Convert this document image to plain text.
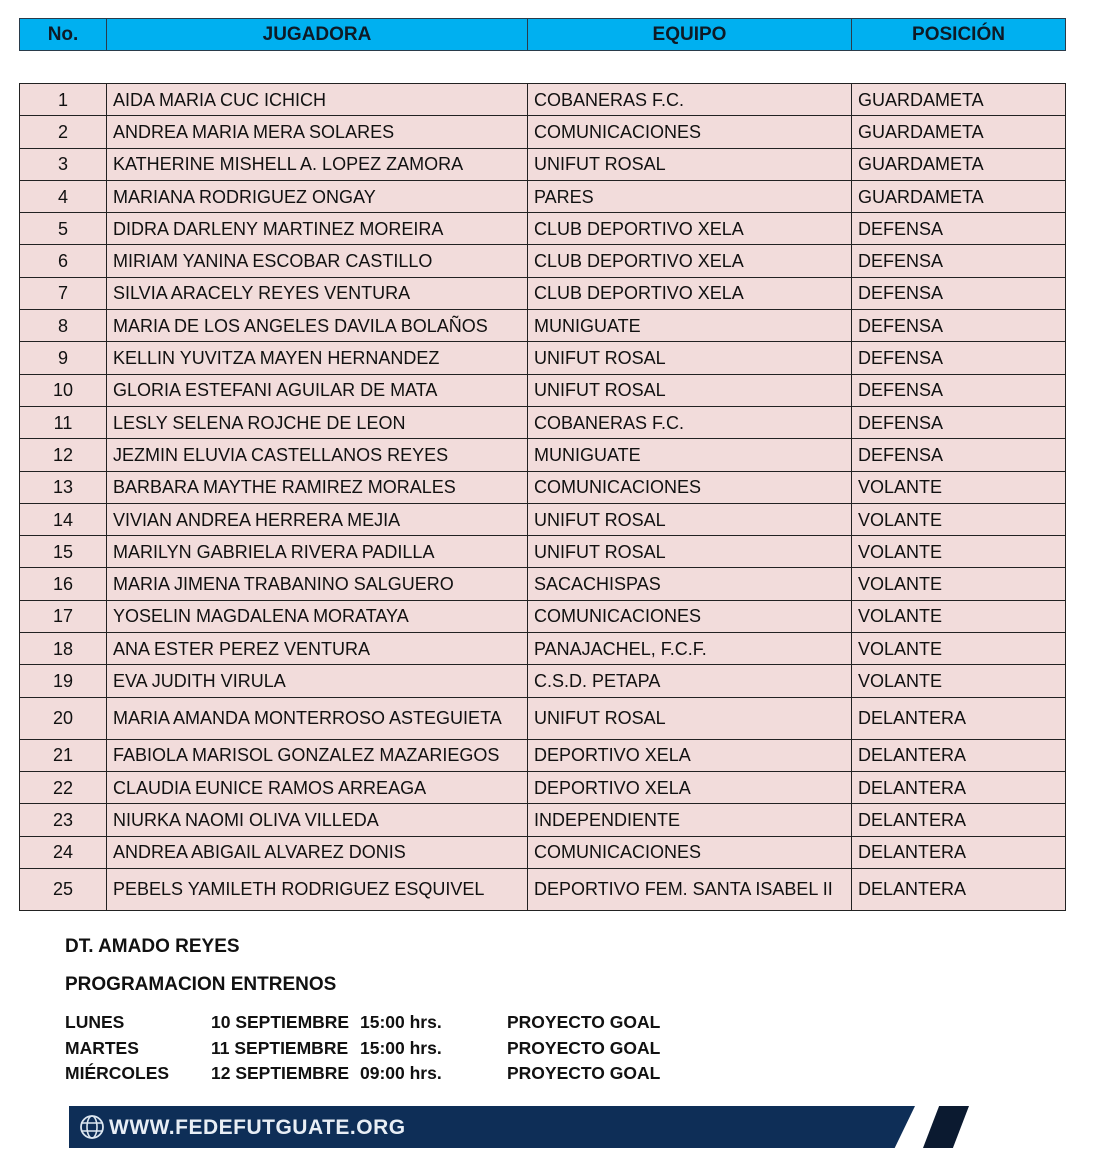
No.	JUGADORA	EQUIPO	POSICIÓN
1	AIDA MARIA CUC ICHICH	COBANERAS F.C.	GUARDAMETA
2	ANDREA MARIA MERA SOLARES	COMUNICACIONES	GUARDAMETA
3	KATHERINE MISHELL A. LOPEZ ZAMORA	UNIFUT ROSAL	GUARDAMETA
4	MARIANA RODRIGUEZ ONGAY	PARES	GUARDAMETA
5	DIDRA DARLENY MARTINEZ MOREIRA	CLUB DEPORTIVO XELA	DEFENSA
6	MIRIAM YANINA ESCOBAR CASTILLO	CLUB DEPORTIVO XELA	DEFENSA
7	SILVIA ARACELY REYES VENTURA	CLUB DEPORTIVO XELA	DEFENSA
8	MARIA DE LOS ANGELES DAVILA BOLAÑOS	MUNIGUATE	DEFENSA
9	KELLIN YUVITZA MAYEN HERNANDEZ	UNIFUT ROSAL	DEFENSA
10	GLORIA ESTEFANI AGUILAR DE MATA	UNIFUT ROSAL	DEFENSA
11	LESLY SELENA ROJCHE DE LEON	COBANERAS F.C.	DEFENSA
12	JEZMIN ELUVIA CASTELLANOS REYES	MUNIGUATE	DEFENSA
13	BARBARA MAYTHE RAMIREZ MORALES	COMUNICACIONES	VOLANTE
14	VIVIAN ANDREA HERRERA MEJIA	UNIFUT ROSAL	VOLANTE
15	MARILYN GABRIELA RIVERA PADILLA	UNIFUT ROSAL	VOLANTE
16	MARIA JIMENA TRABANINO SALGUERO	SACACHISPAS	VOLANTE
17	YOSELIN MAGDALENA MORATAYA	COMUNICACIONES	VOLANTE
18	ANA ESTER PEREZ VENTURA	PANAJACHEL, F.C.F.	VOLANTE
19	EVA JUDITH VIRULA	C.S.D. PETAPA	VOLANTE
20	MARIA AMANDA MONTERROSO ASTEGUIETA	UNIFUT ROSAL	DELANTERA
21	FABIOLA MARISOL GONZALEZ MAZARIEGOS	DEPORTIVO XELA	DELANTERA
22	CLAUDIA EUNICE RAMOS ARREAGA	DEPORTIVO XELA	DELANTERA
23	NIURKA NAOMI OLIVA VILLEDA	INDEPENDIENTE	DELANTERA
24	ANDREA ABIGAIL ALVAREZ DONIS	COMUNICACIONES	DELANTERA
25	PEBELS YAMILETH RODRIGUEZ ESQUIVEL	DEPORTIVO FEM. SANTA ISABEL II	DELANTERA
DT. AMADO REYES
PROGRAMACION ENTRENOS
LUNES	10 SEPTIEMBRE 15:00 hrs.	PROYECTO GOAL
MARTES	11 SEPTIEMBRE 15:00 hrs.	PROYECTO GOAL
MIÉRCOLES 12 SEPTIEMBRE 09:00 hrs.	PROYECTO GOAL
WWW.FEDEFUTGUATE.ORG
